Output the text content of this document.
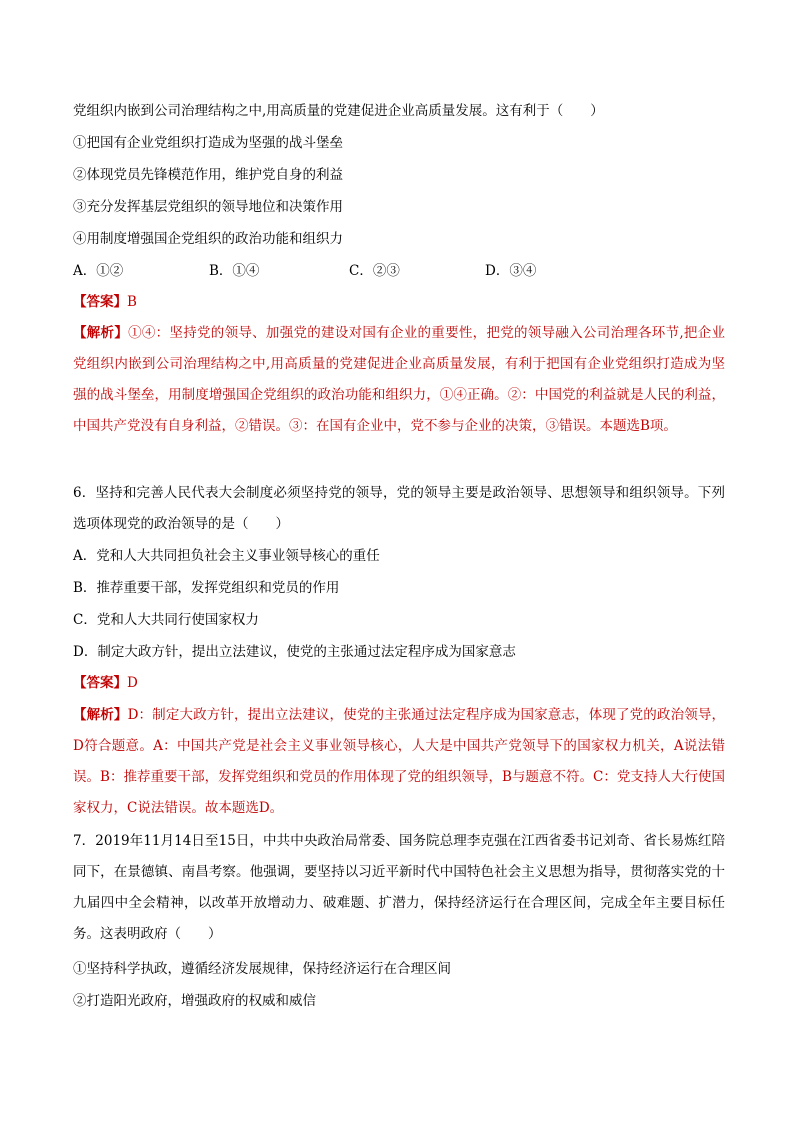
党组织内嵌到公司治理结构之中,用高质量的党建促进企业高质量发展。这有利于（　　）
①把国有企业党组织打造成为坚强的战斗堡垒
②体现党员先锋模范作用，维护党自身的利益
③充分发挥基层党组织的领导地位和决策作用
④用制度增强国企党组织的政治功能和组织力
A．①②	B．①④	C．②③	D．③④
【答案】B
【解析】①④：坚持党的领导、加强党的建设对国有企业的重要性，把党的领导融入公司治理各环节,把企业党组织内嵌到公司治理结构之中,用高质量的党建促进企业高质量发展，有利于把国有企业党组织打造成为坚强的战斗堡垒，用制度增强国企党组织的政治功能和组织力，①④正确。②：中国党的利益就是人民的利益，中国共产党没有自身利益，②错误。③：在国有企业中，党不参与企业的决策，③错误。本题选B项。
6．坚持和完善人民代表大会制度必须坚持党的领导，党的领导主要是政治领导、思想领导和组织领导。下列选项体现党的政治领导的是（　　）
A．党和人大共同担负社会主义事业领导核心的重任
B．推荐重要干部，发挥党组织和党员的作用
C．党和人大共同行使国家权力
D．制定大政方针，提出立法建议，使党的主张通过法定程序成为国家意志
【答案】D
【解析】D：制定大政方针，提出立法建议，使党的主张通过法定程序成为国家意志，体现了党的政治领导，D符合题意。A：中国共产党是社会主义事业领导核心，人大是中国共产党领导下的国家权力机关，A说法错误。B：推荐重要干部，发挥党组织和党员的作用体现了党的组织领导，B与题意不符。C：党支持人大行使国家权力，C说法错误。故本题选D。
7．2019年11月14日至15日，中共中央政治局常委、国务院总理李克强在江西省委书记刘奇、省长易炼红陪同下，在景德镇、南昌考察。他强调，要坚持以习近平新时代中国特色社会主义思想为指导，贯彻落实党的十九届四中全会精神，以改革开放增动力、破难题、扩潜力，保持经济运行在合理区间，完成全年主要目标任务。这表明政府（　　）
①坚持科学执政，遵循经济发展规律，保持经济运行在合理区间
②打造阳光政府，增强政府的权威和威信
